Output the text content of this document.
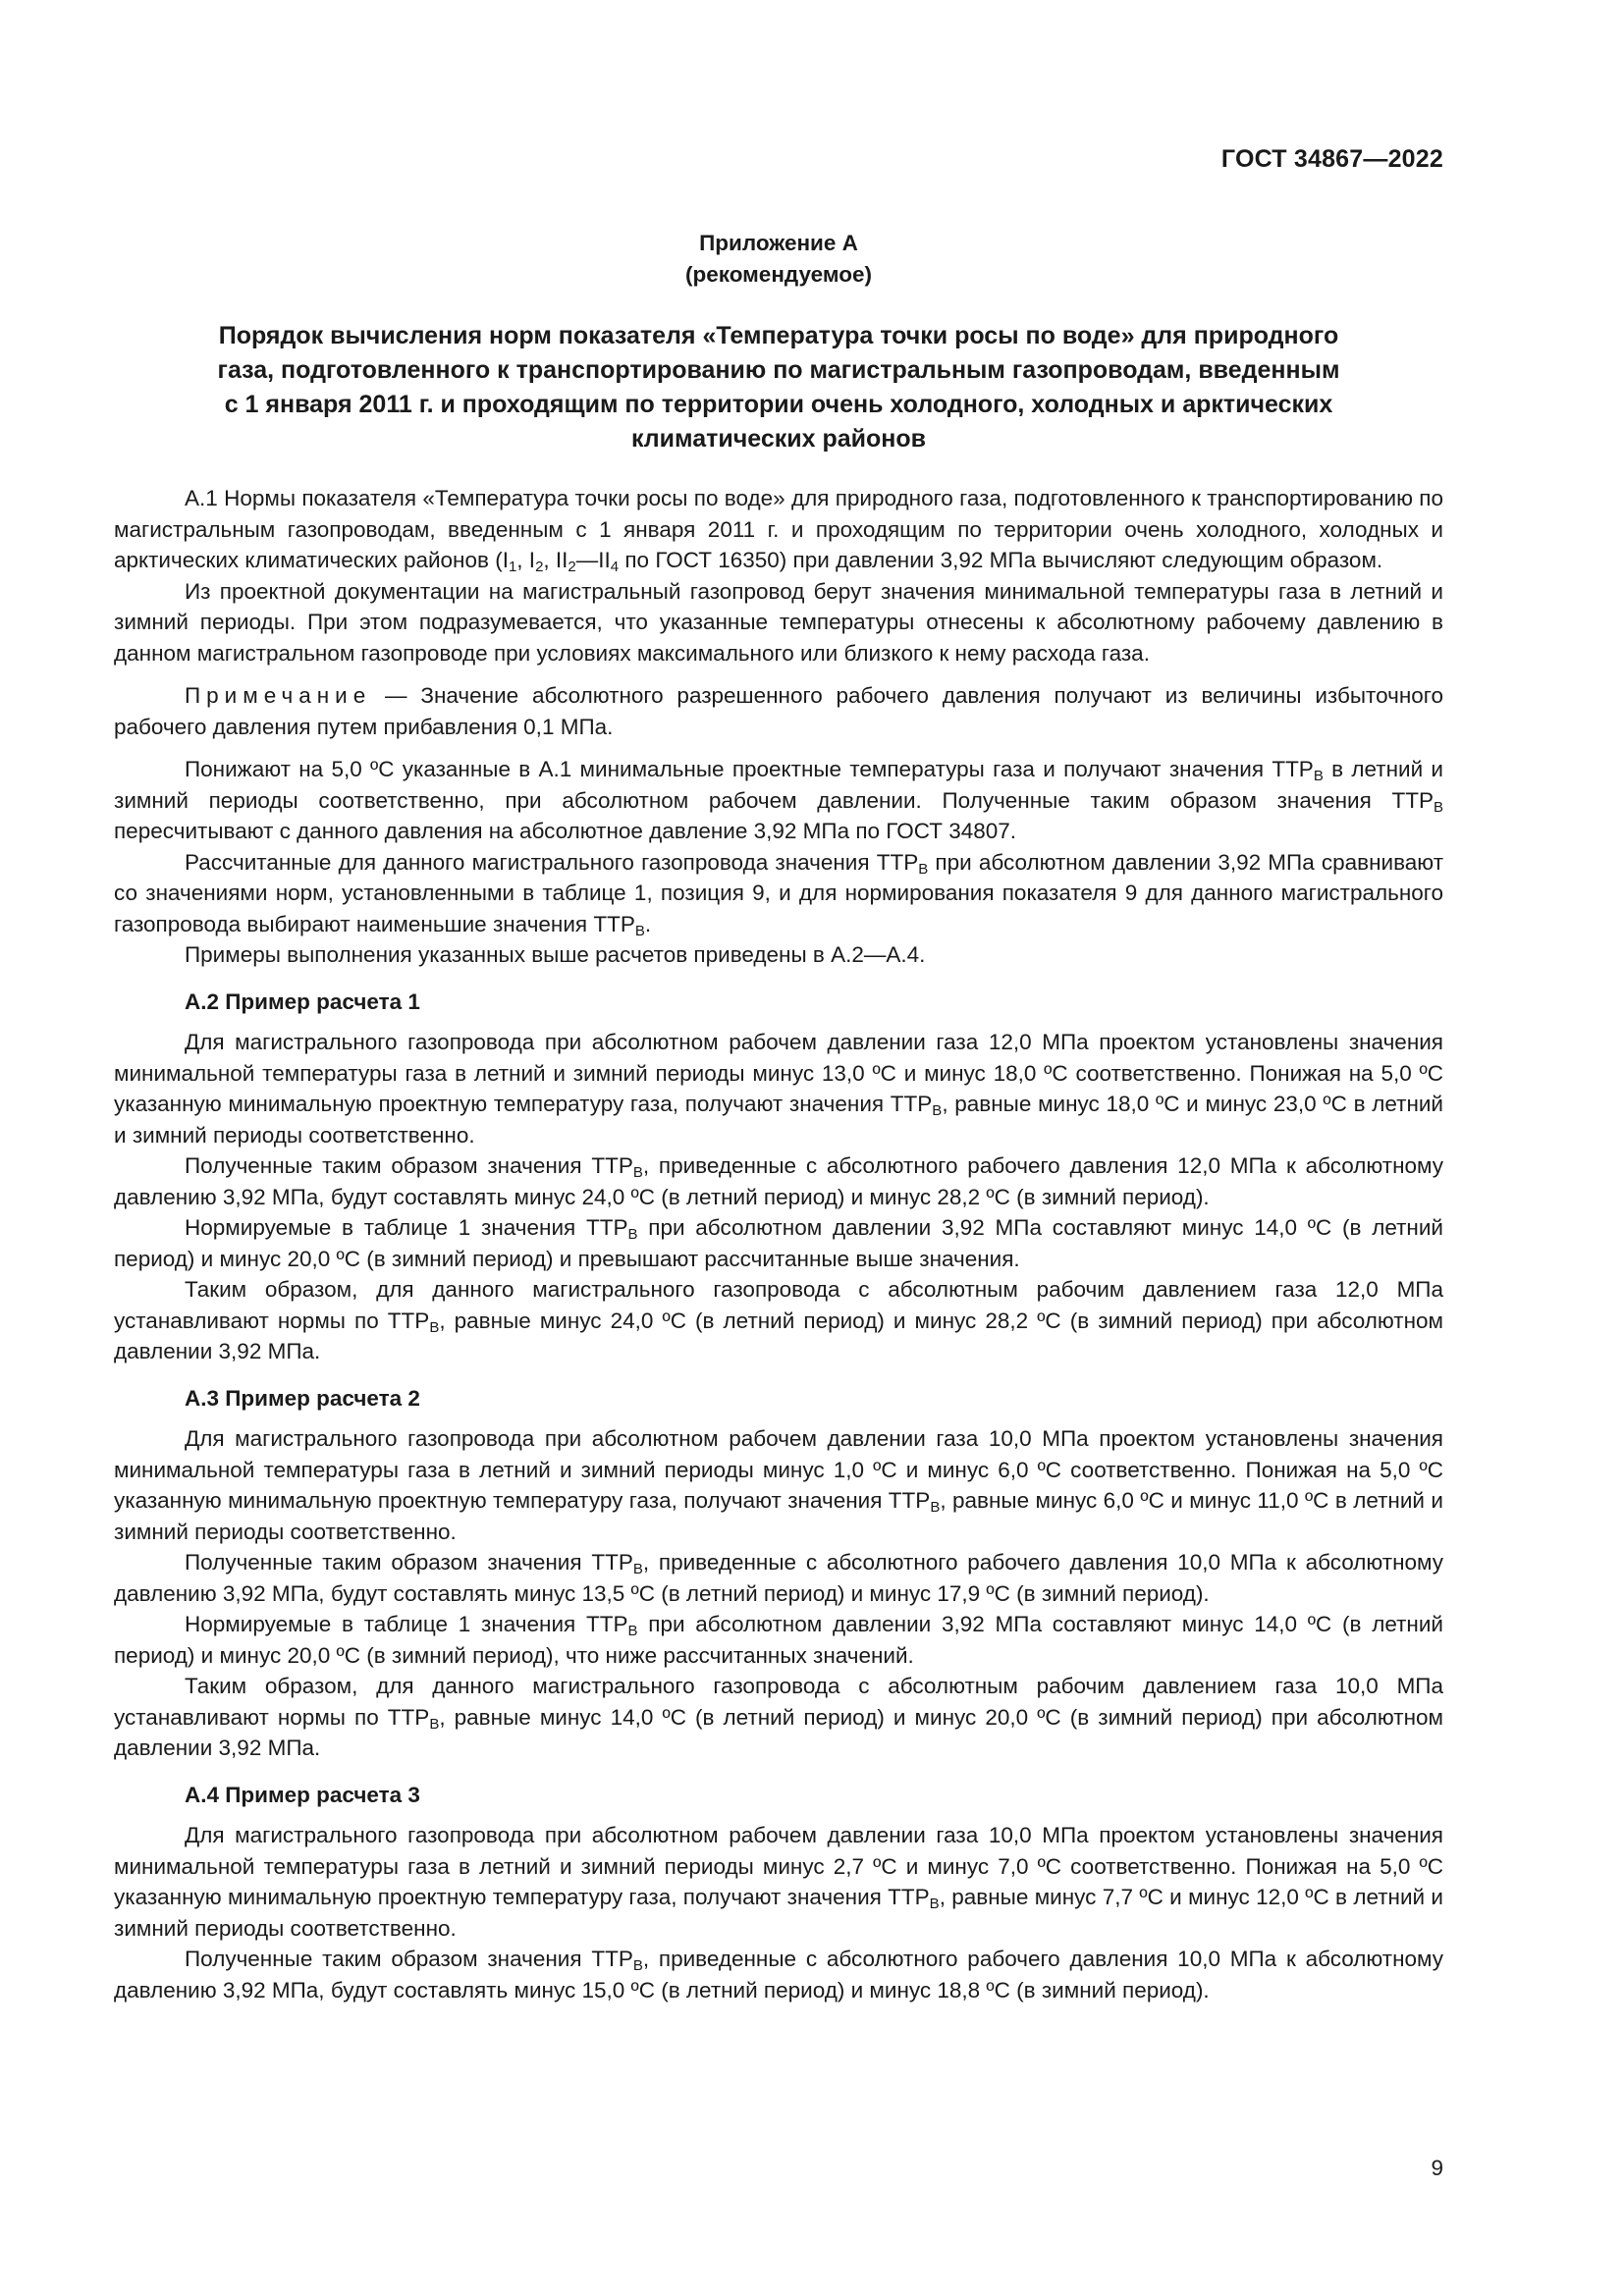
ГОСТ 34867—2022
Приложение А
(рекомендуемое)
Порядок вычисления норм показателя «Температура точки росы по воде» для природного
газа, подготовленного к транспортированию по магистральным газопроводам, введенным
с 1 января 2011 г. и проходящим по территории очень холодного, холодных и арктических
климатических районов

А.1 Нормы показателя «Температура точки росы по воде» для природного газа, подготовленного к транспортированию по магистральным газопроводам, введенным с 1 января 2011 г. и проходящим по территории очень холодного, холодных и арктических климатических районов ($I_1$, $I_2$, $II_2—II_4$ по ГОСТ 16350) при давлении 3,92 МПа вычисляют следующим образом.

Из проектной документации на магистральный газопровод берут значения минимальной температуры газа в летний и зимний периоды. При этом подразумевается, что указанные температуры отнесены к абсолютному рабочему давлению в данном магистральном газопроводе при условиях максимального или близкого к нему расхода газа.

Примечание — Значение абсолютного разрешенного рабочего давления получают из величины избыточного рабочего давления путем прибавления 0,1 МПа.

Понижают на 5,0 ºC указанные в А.1 минимальные проектные температуры газа и получают значения $ТТР_В$ в летний и зимний периоды соответственно, при абсолютном рабочем давлении. Полученные таким образом значения $ТТР_В$ пересчитывают с данного давления на абсолютное давление 3,92 МПа по ГОСТ 34807.

Рассчитанные для данного магистрального газопровода значения $ТТР_В$ при абсолютном давлении 3,92 МПа сравнивают со значениями норм, установленными в таблице 1, позиция 9, и для нормирования показателя 9 для данного магистрального газопровода выбирают наименьшие значения $ТТР_В$.

Примеры выполнения указанных выше расчетов приведены в А.2—А.4.

А.2 Пример расчета 1

Для магистрального газопровода при абсолютном рабочем давлении газа 12,0 МПа проектом установлены значения минимальной температуры газа в летний и зимний периоды минус 13,0 ºC и минус 18,0 ºC соответственно. Понижая на 5,0 ºC указанную минимальную проектную температуру газа, получают значения $ТТР_В$, равные минус 18,0 ºC и минус 23,0 ºC в летний и зимний периоды соответственно.

Полученные таким образом значения $ТТР_В$, приведенные с абсолютного рабочего давления 12,0 МПа к абсолютному давлению 3,92 МПа, будут составлять минус 24,0 ºC (в летний период) и минус 28,2 ºC (в зимний период).

Нормируемые в таблице 1 значения $ТТР_В$ при абсолютном давлении 3,92 МПа составляют минус 14,0 ºC (в летний период) и минус 20,0 ºC (в зимний период) и превышают рассчитанные выше значения.

Таким образом, для данного магистрального газопровода с абсолютным рабочим давлением газа 12,0 МПа устанавливают нормы по $ТТР_В$, равные минус 24,0 ºC (в летний период) и минус 28,2 ºC (в зимний период) при абсолютном давлении 3,92 МПа.

А.3 Пример расчета 2

Для магистрального газопровода при абсолютном рабочем давлении газа 10,0 МПа проектом установлены значения минимальной температуры газа в летний и зимний периоды минус 1,0 ºC и минус 6,0 ºC соответственно. Понижая на 5,0 ºC указанную минимальную проектную температуру газа, получают значения $ТТР_В$, равные минус 6,0 ºC и минус 11,0 ºC в летний и зимний периоды соответственно.

Полученные таким образом значения $ТТР_В$, приведенные с абсолютного рабочего давления 10,0 МПа к абсолютному давлению 3,92 МПа, будут составлять минус 13,5 ºC (в летний период) и минус 17,9 ºC (в зимний период).

Нормируемые в таблице 1 значения $ТТР_В$ при абсолютном давлении 3,92 МПа составляют минус 14,0 ºC (в летний период) и минус 20,0 ºC (в зимний период), что ниже рассчитанных значений.

Таким образом, для данного магистрального газопровода с абсолютным рабочим давлением газа 10,0 МПа устанавливают нормы по $ТТР_В$, равные минус 14,0 ºC (в летний период) и минус 20,0 ºC (в зимний период) при абсолютном давлении 3,92 МПа.

А.4 Пример расчета 3

Для магистрального газопровода при абсолютном рабочем давлении газа 10,0 МПа проектом установлены значения минимальной температуры газа в летний и зимний периоды минус 2,7 ºC и минус 7,0 ºC соответственно. Понижая на 5,0 ºC указанную минимальную проектную температуру газа, получают значения $ТТР_В$, равные минус 7,7 ºC и минус 12,0 ºC в летний и зимний периоды соответственно.

Полученные таким образом значения $ТТР_В$, приведенные с абсолютного рабочего давления 10,0 МПа к абсолютному давлению 3,92 МПа, будут составлять минус 15,0 ºC (в летний период) и минус 18,8 ºC (в зимний период).

9
